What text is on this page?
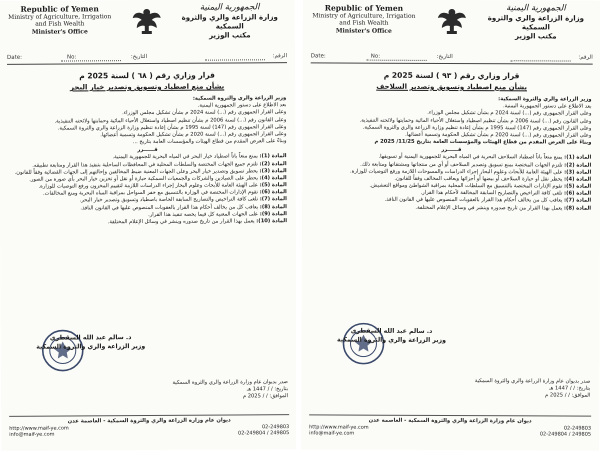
Republic of Yemen
Ministry of Agriculture, Irrigation
and Fish Wealth
Minister's Office
الجمهورية اليمنية
وزارة الزراعة والري والثروة السمكية
مكتب الوزير
الرقم:
التاريخ:
Date:	No:
قرار وزاري رقم ( ٦٨ ) لسنة 2025 م
بشأن منع اصطياد وتسويق وتصدير خيار البحر

وزير الزراعة والري والثروة السمكية:

بعد الاطلاع على دستور الجمهورية اليمنية.

وعلى القرار الجمهوري رقم (...) لسنة 2024 م بشأن تشكيل مجلس الوزراء.

وعلى القانون رقم (...) لسنة 2006 م بشأن تنظيم اصطياد واستغلال الأحياء المائية وحمايتها ولائحته التنفيذية.

وعلى القرار الجمهوري رقم (147) لسنة 1995 م بشأن إعادة تنظيم وزارة الزراعة والري والثروة السمكية.

وعلى القرار الجمهوري رقم (...) لسنة 2020 م بشأن تشكيل الحكومة وتسمية أعضائها.

وبناءً على العرض المقدم من قطاع الهيئات والمؤسسات العامة بتاريخ ...

قــــــرر

المادة (1): يمنع منعاً باتاً اصطياد خيار البحر في المياه البحرية للجمهورية اليمنية.

المادة (2): تلتزم جميع الجهات المختصة والسلطات المحلية في المحافظات الساحلية بتنفيذ هذا القرار ومتابعة تطبيقه.

المادة (3): يحظر تسويق وتصدير خيار البحر وعلى الجهات المعنية ضبط المخالفين وإحالتهم إلى الجهات القضائية وفقاً للقانون.

المادة (4): يحظر على الصيادين والشركات والجمعيات السمكية حيازة أو نقل أو تخزين خيار البحر بأي صورة من الصور.

المادة (5): على الهيئة العامة للأبحاث وعلوم البحار إجراء الدراسات اللازمة لتقييم المخزون ورفع التوصيات للوزارة.

المادة (6): تقوم الإدارات المختصة في الوزارة بالتنسيق مع خفر السواحل بمراقبة المياه البحرية ومنع المخالفات.

المادة (7): تلغى كافة التراخيص والتصاريح السابقة الخاصة باصطياد وتسويق وتصدير خيار البحر.

المادة (8): يعاقب كل من يخالف أحكام هذا القرار بالعقوبات المنصوص عليها في القانون النافذ.

المادة (9): على الجهات المعنية كل فيما يخصه تنفيذ هذا القرار.

المادة (10): يعمل بهذا القرار من تاريخ صدوره وينشر في وسائل الإعلام المختلفة.

د. سالم عبد الله السقطري
وزير الزراعة والري والثروة السمكية
صدر بديوان عام وزارة الزراعة والري والثروة السمكية
بتاريخ: / / 1447 هـ
الموافق: / / 2025 م
ديوان عام وزارة الزراعة والري والثروة السمكية - العاصمة عدن
http://www.maif-ye.com	02-249803
info@maif-ye.com	02-249804 / 249805
Republic of Yemen
Ministry of Agriculture, Irrigation
and Fish Wealth
Minister's Office
الجمهورية اليمنية
وزارة الزراعة والري والثروة السمكية
مكتب الوزير
الرقم:
التاريخ:
Date:	No:
قرار وزاري رقم ( ٩٣ ) لسنة 2025 م
بشأن منع اصطياد وتسويق وتصدير السلاحف

وزير الزراعة والري والثروة السمكية:

بعد الاطلاع على دستور الجمهورية اليمنية.

وعلى القرار الجمهوري رقم (...) لسنة 2024 م بشأن تشكيل مجلس الوزراء.

وعلى القانون رقم (...) لسنة 2006 م بشأن تنظيم اصطياد واستغلال الأحياء المائية وحمايتها ولائحته التنفيذية.

وعلى القرار الجمهوري رقم (147) لسنة 1995 م بشأن إعادة تنظيم وزارة الزراعة والري والثروة السمكية.

وعلى القرار الجمهوري رقم (...) لسنة 2020 م بشأن تشكيل الحكومة وتسمية أعضائها.

وبناءً على العرض المقدم من قطاع الهيئات والمؤسسات العامة بتاريخ 11/25/ 2025 م

قــــــرر

المادة (1): يمنع منعاً باتاً اصطياد السلاحف البحرية في المياه البحرية للجمهورية اليمنية أو تسويقها.

المادة (2): تلتزم الجهات المختصة بمنع تسويق وتصدير السلاحف أو أي من منتجاتها ومشتقاتها ومتابعة ذلك.

المادة (3): على الهيئة العامة للأبحاث وعلوم البحار إجراء الدراسات والمسوحات اللازمة ورفع التوصيات للوزارة.

المادة (4): يحظر نقل أو حيازة السلاحف أو بيضها أو أجزائها ويعاقب المخالف وفقاً للقانون.

المادة (5): تقوم الإدارات المختصة بالتنسيق مع السلطات المحلية بمراقبة الشواطئ ومواقع التعشيش.

المادة (6): تلغى كافة التراخيص والتصاريح السابقة المخالفة لأحكام هذا القرار.

المادة (7): يعاقب كل من يخالف أحكام هذا القرار بالعقوبات المنصوص عليها في القانون النافذ.

المادة (8): يعمل بهذا القرار من تاريخ صدوره وينشر في وسائل الإعلام المختلفة.

د. سالم عبد الله السقطري
وزير الزراعة والري والثروة السمكية
صدر بديوان عام وزارة الزراعة والري والثروة السمكية
بتاريخ: / / 1447 هـ
الموافق: / / 2025 م
ديوان عام وزارة الزراعة والري والثروة السمكية - العاصمة عدن
http://www.maif-ye.com	02-249803
info@maif-ye.com	02-249804 / 249805
